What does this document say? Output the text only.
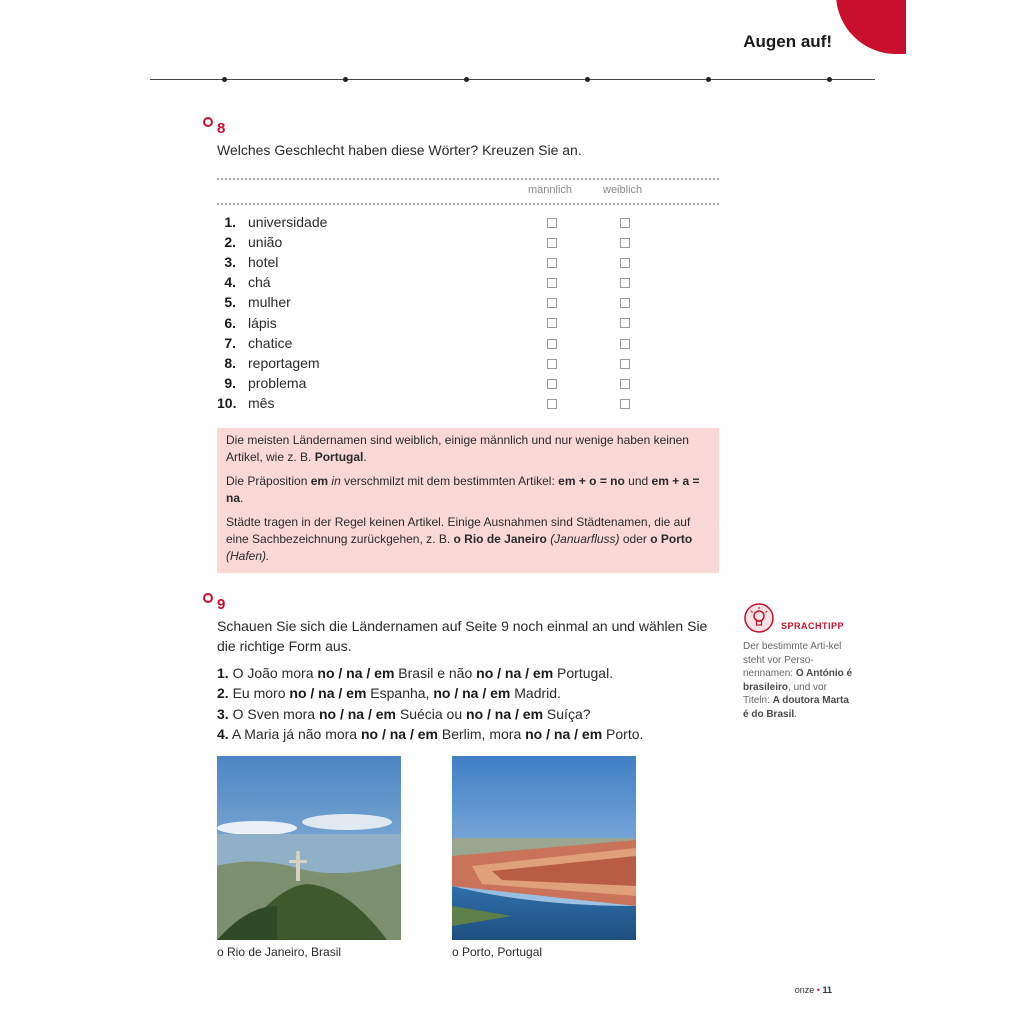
Augen auf!
8
Welches Geschlecht haben diese Wörter? Kreuzen Sie an.
männlich	weiblich
1. universidade
2. união
3. hotel
4. chá
5. mulher
6. lápis
7. chatice
8. reportagem
9. problema
10. mês

Die meisten Ländernamen sind weiblich, einige männlich und nur wenige haben keinen Artikel, wie z. B. Portugal.

Die Präposition em in verschmilzt mit dem bestimmten Artikel: em + o = no und em + a = na.

Städte tragen in der Regel keinen Artikel. Einige Ausnahmen sind Städtenamen, die auf eine Sachbezeichnung zurückgehen, z. B. o Rio de Janeiro (Januarfluss) oder o Porto (Hafen).

9
Schauen Sie sich die Ländernamen auf Seite 9 noch einmal an und wählen Sie die richtige Form aus.
1. O João mora no / na / em Brasil e não no / na / em Portugal.
2. Eu moro no / na / em Espanha, no / na / em Madrid.
3. O Sven mora no / na / em Suécia ou no / na / em Suíça?
4. A Maria já não mora no / na / em Berlim, mora no / na / em Porto.
SPRACHTIPP
Der bestimmte Arti-kel steht vor Perso-nennamen: O António é brasileiro, und vor Titeln: A doutora Marta é do Brasil.
o Rio de Janeiro, Brasil	o Porto, Portugal
onze • 11
